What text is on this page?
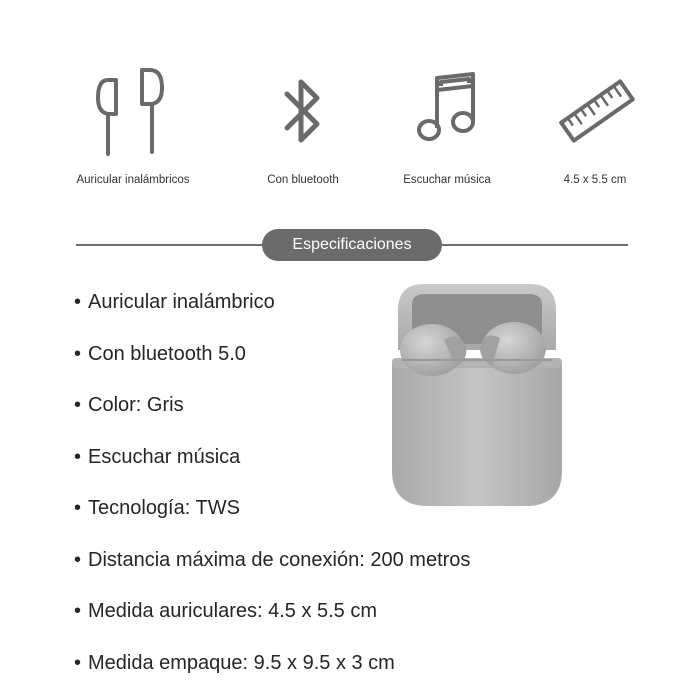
Auricular inalámbricos	Con bluetooth	Escuchar música	4.5 x 5.5 cm
Especificaciones
• Auricular inalámbrico
• Con bluetooth 5.0
• Color: Gris
• Escuchar música
• Tecnología: TWS
• Distancia máxima de conexión: 200 metros
• Medida auriculares: 4.5 x 5.5 cm
• Medida empaque: 9.5 x 9.5 x 3 cm
